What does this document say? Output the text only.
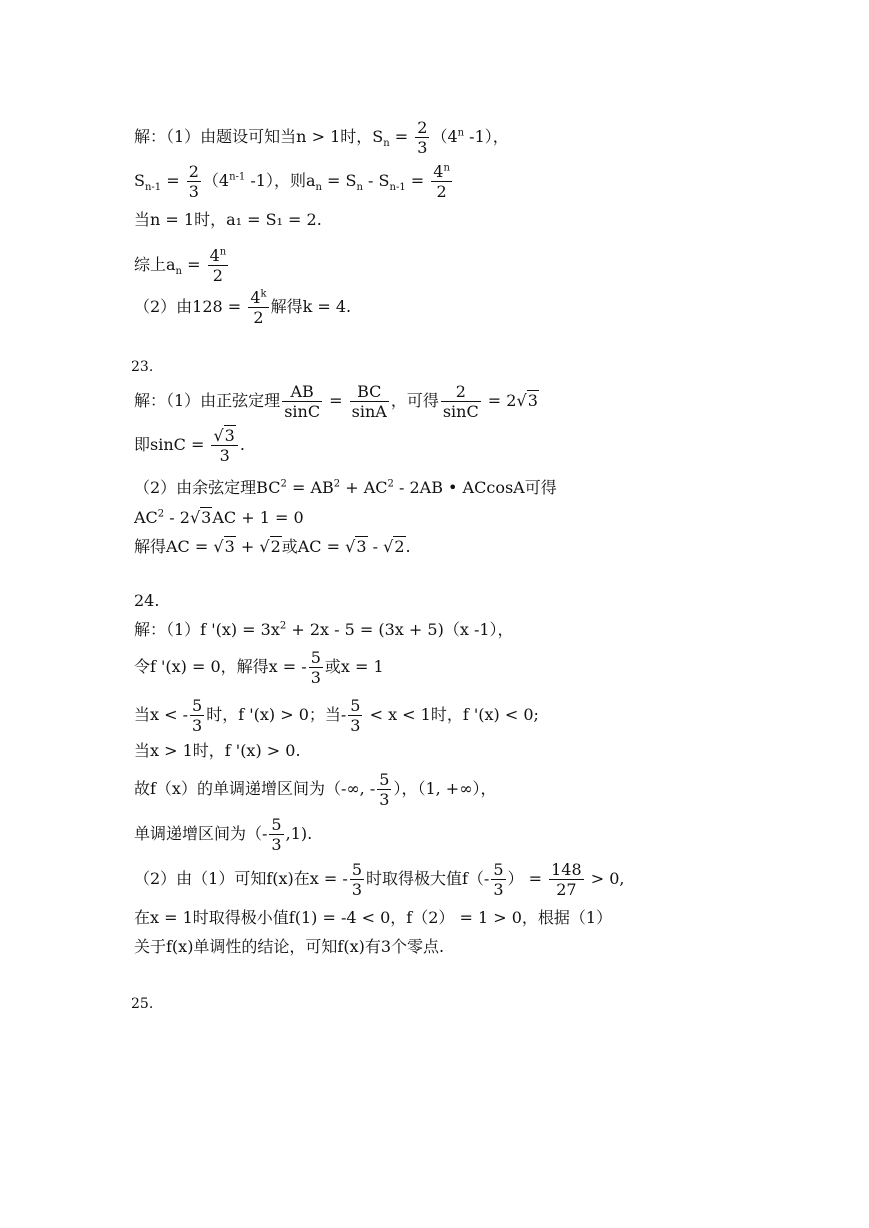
解：（1）由题设可知当n > 1时，$S_n = \frac{2}{3} (4^n$ -1），
$S_{n-1} = \frac{2}{3} (4^{n-1}$ -1），则$a_n = S_n - S_{n-1} = \frac{4^n}{2}$
当n = 1时，a₁ = S₁ = 2.
综上$a_n = \frac{4^n}{2}$
（2）由$128 = \frac{4^k}{2}$ 解得k = 4.
23.
解：（1）由正弦定理 $\frac{AB}{\sin C} = \frac{BC}{\sin A}$ ，可得 $\frac{2}{\sin C} = 2√3$
即$\sin C = \frac{√3}{3}$ .
（2）由余弦定理$BC^2 = AB^2 + AC^2 - 2AB$ • ACcosA可得
$AC^2 - 2√3AC + 1 = 0$
解得AC = √3 + √2或AC = √3 - √2.
24.
解：（1）f '$(x) = 3x^2 + 2x - 5 = (3x + 5)(x$ -1），
令f '(x) = 0，解得x = - $\frac{5}{3}$ 或x = 1
当x < - $\frac{5}{3}$ 时，f '(x) > 0；当- $\frac{5}{3} < x < 1$时，f '(x) < 0;
当x > 1时，f '(x) > 0.
故f（x）的单调递增区间为（-∞, - $\frac{5}{3}$ ），（1, +∞），
单调递增区间为（- $\frac{5}{3} ,1$).
（2）由（1）可知f(x)在x = - $\frac{5}{3}$ 时取得极大值$f(- \frac{5}{3}$ ） = $\frac{148}{27} > 0$,
在x = 1时取得极小值f(1) = -4 < 0，f（2） = 1 > 0，根据（1）
关于f(x)单调性的结论，可知f(x)有3个零点.
25.
